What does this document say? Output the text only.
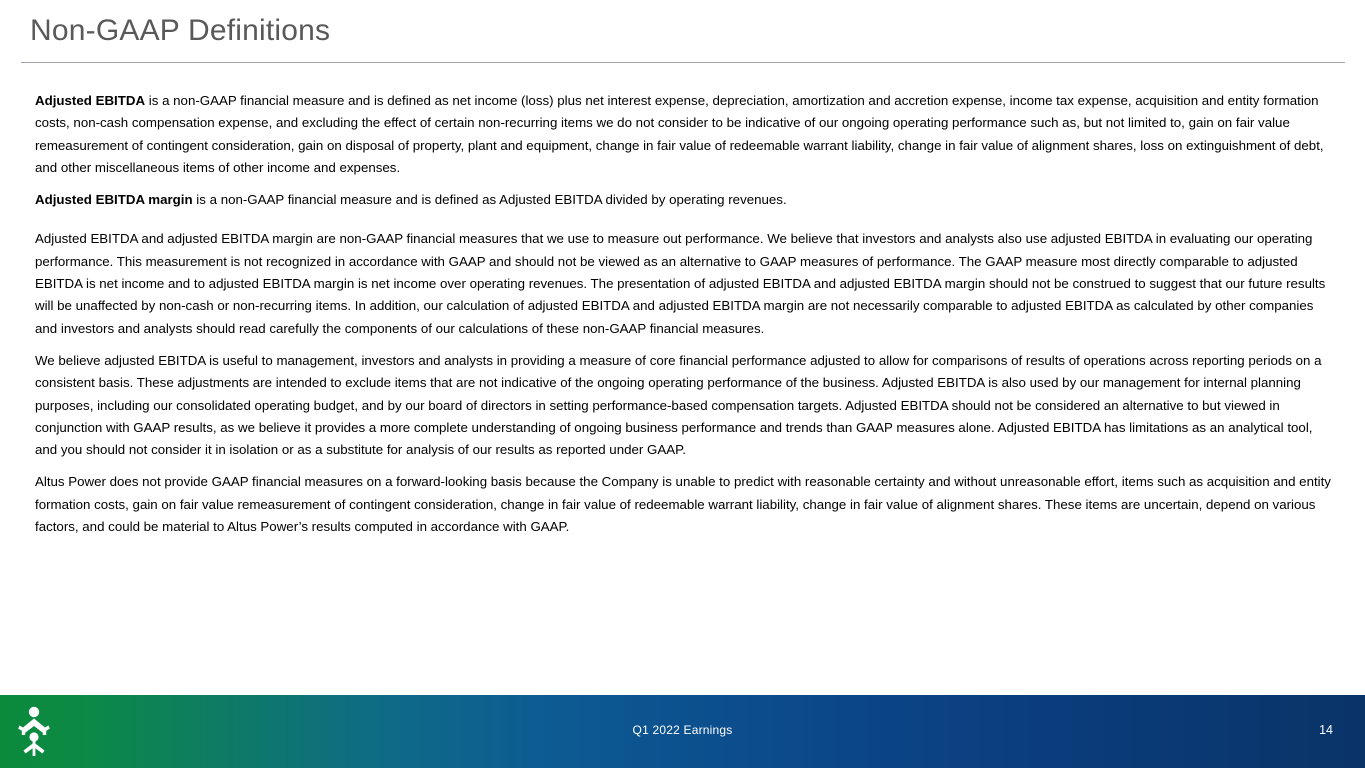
Non-GAAP Definitions

Adjusted EBITDA is a non-GAAP financial measure and is defined as net income (loss) plus net interest expense, depreciation, amortization and accretion expense, income tax expense, acquisition and entity formation costs, non-cash compensation expense, and excluding the effect of certain non-recurring items we do not consider to be indicative of our ongoing operating performance such as, but not limited to, gain on fair value remeasurement of contingent consideration, gain on disposal of property, plant and equipment, change in fair value of redeemable warrant liability, change in fair value of alignment shares, loss on extinguishment of debt, and other miscellaneous items of other income and expenses.

Adjusted EBITDA margin is a non-GAAP financial measure and is defined as Adjusted EBITDA divided by operating revenues.

Adjusted EBITDA and adjusted EBITDA margin are non-GAAP financial measures that we use to measure out performance. We believe that investors and analysts also use adjusted EBITDA in evaluating our operating performance. This measurement is not recognized in accordance with GAAP and should not be viewed as an alternative to GAAP measures of performance. The GAAP measure most directly comparable to adjusted EBITDA is net income and to adjusted EBITDA margin is net income over operating revenues. The presentation of adjusted EBITDA and adjusted EBITDA margin should not be construed to suggest that our future results will be unaffected by non-cash or non-recurring items. In addition, our calculation of adjusted EBITDA and adjusted EBITDA margin are not necessarily comparable to adjusted EBITDA as calculated by other companies and investors and analysts should read carefully the components of our calculations of these non-GAAP financial measures.

We believe adjusted EBITDA is useful to management, investors and analysts in providing a measure of core financial performance adjusted to allow for comparisons of results of operations across reporting periods on a consistent basis. These adjustments are intended to exclude items that are not indicative of the ongoing operating performance of the business. Adjusted EBITDA is also used by our management for internal planning purposes, including our consolidated operating budget, and by our board of directors in setting performance-based compensation targets. Adjusted EBITDA should not be considered an alternative to but viewed in conjunction with GAAP results, as we believe it provides a more complete understanding of ongoing business performance and trends than GAAP measures alone. Adjusted EBITDA has limitations as an analytical tool, and you should not consider it in isolation or as a substitute for analysis of our results as reported under GAAP.

Altus Power does not provide GAAP financial measures on a forward-looking basis because the Company is unable to predict with reasonable certainty and without unreasonable effort, items such as acquisition and entity formation costs, gain on fair value remeasurement of contingent consideration, change in fair value of redeemable warrant liability, change in fair value of alignment shares. These items are uncertain, depend on various factors, and could be material to Altus Power’s results computed in accordance with GAAP.

Q1 2022 Earnings	14
